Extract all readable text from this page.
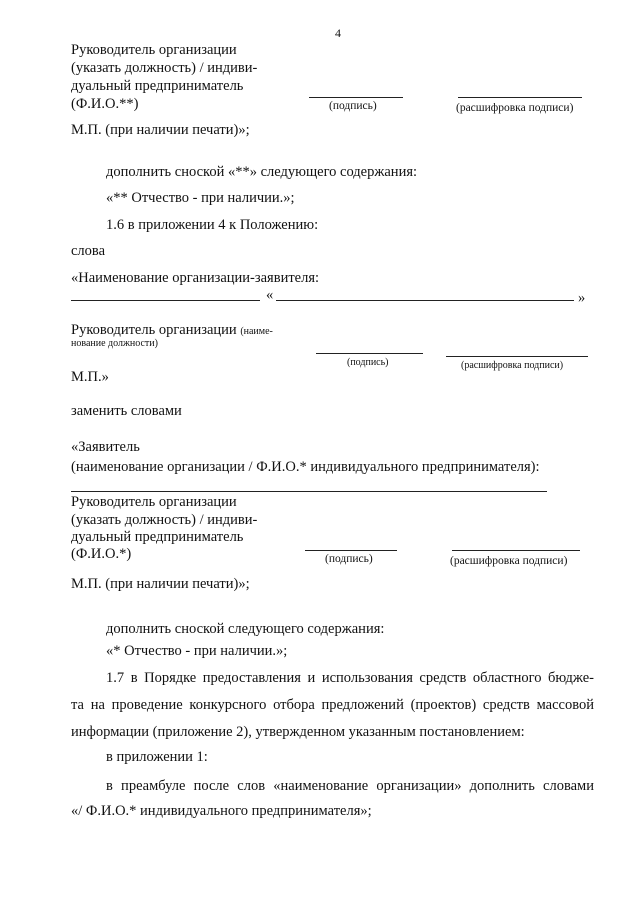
4
Руководитель организации
(указать должность) / индиви-
дуальный предприниматель
(Ф.И.О.**)	(подпись)	(расшифровка подписи)
М.П. (при наличии печати)»;
дополнить сноской «**» следующего содержания:
«** Отчество - при наличии.»;
1.6 в приложении 4 к Положению:
слова
«Наименование организации-заявителя:
«	»
Руководитель организации (наиме-
нование должности)
(подпись)	(расшифровка подписи)
М.П.»
заменить словами
«Заявитель
(наименование организации / Ф.И.О.* индивидуального предпринимателя):
Руководитель организации
(указать должность) / индиви-
дуальный предприниматель
(Ф.И.О.*)	(подпись)	(расшифровка подписи)
М.П. (при наличии печати)»;
дополнить сноской следующего содержания:
«* Отчество - при наличии.»;
1.7 в Порядке предоставления и использования средств областного бюдже-
та на проведение конкурсного отбора предложений (проектов) средств массовой
информации (приложение 2), утвержденном указанным постановлением:
в приложении 1:
в преамбуле после слов «наименование организации» дополнить словами
«/ Ф.И.О.* индивидуального предпринимателя»;
